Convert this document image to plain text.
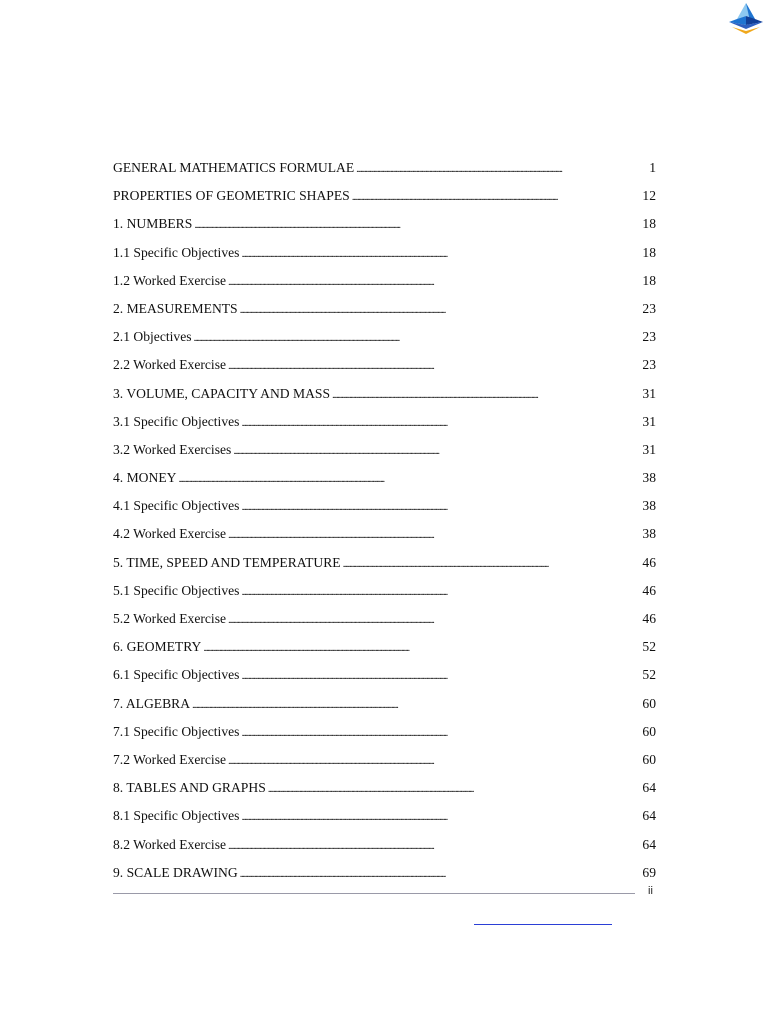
GENERAL MATHEMATICS FORMULAE . . .	1
PROPERTIES OF GEOMETRIC SHAPES . . .	12
1. NUMBERS . . .	18
1.1 Specific Objectives . . .	18
1.2 Worked Exercise . . .	18
2. MEASUREMENTS . . .	23
2.1 Objectives . . .	23
2.2 Worked Exercise . . .	23
3. VOLUME, CAPACITY AND MASS . . .	31
3.1 Specific Objectives . . .	31
3.2 Worked Exercises . . .	31
4. MONEY . . .	38
4.1 Specific Objectives . . .	38
4.2 Worked Exercise . . .	38
5. TIME, SPEED AND TEMPERATURE . . .	46
5.1 Specific Objectives . . .	46
5.2 Worked Exercise . . .	46
6. GEOMETRY . . .	52
6.1 Specific Objectives . . .	52
7. ALGEBRA . . .	60
7.1 Specific Objectives . . .	60
7.2 Worked Exercise . . .	60
8. TABLES AND GRAPHS . . .	64
8.1 Specific Objectives . . .	64
8.2 Worked Exercise . . .	64
9. SCALE DRAWING . . .	69
ii
